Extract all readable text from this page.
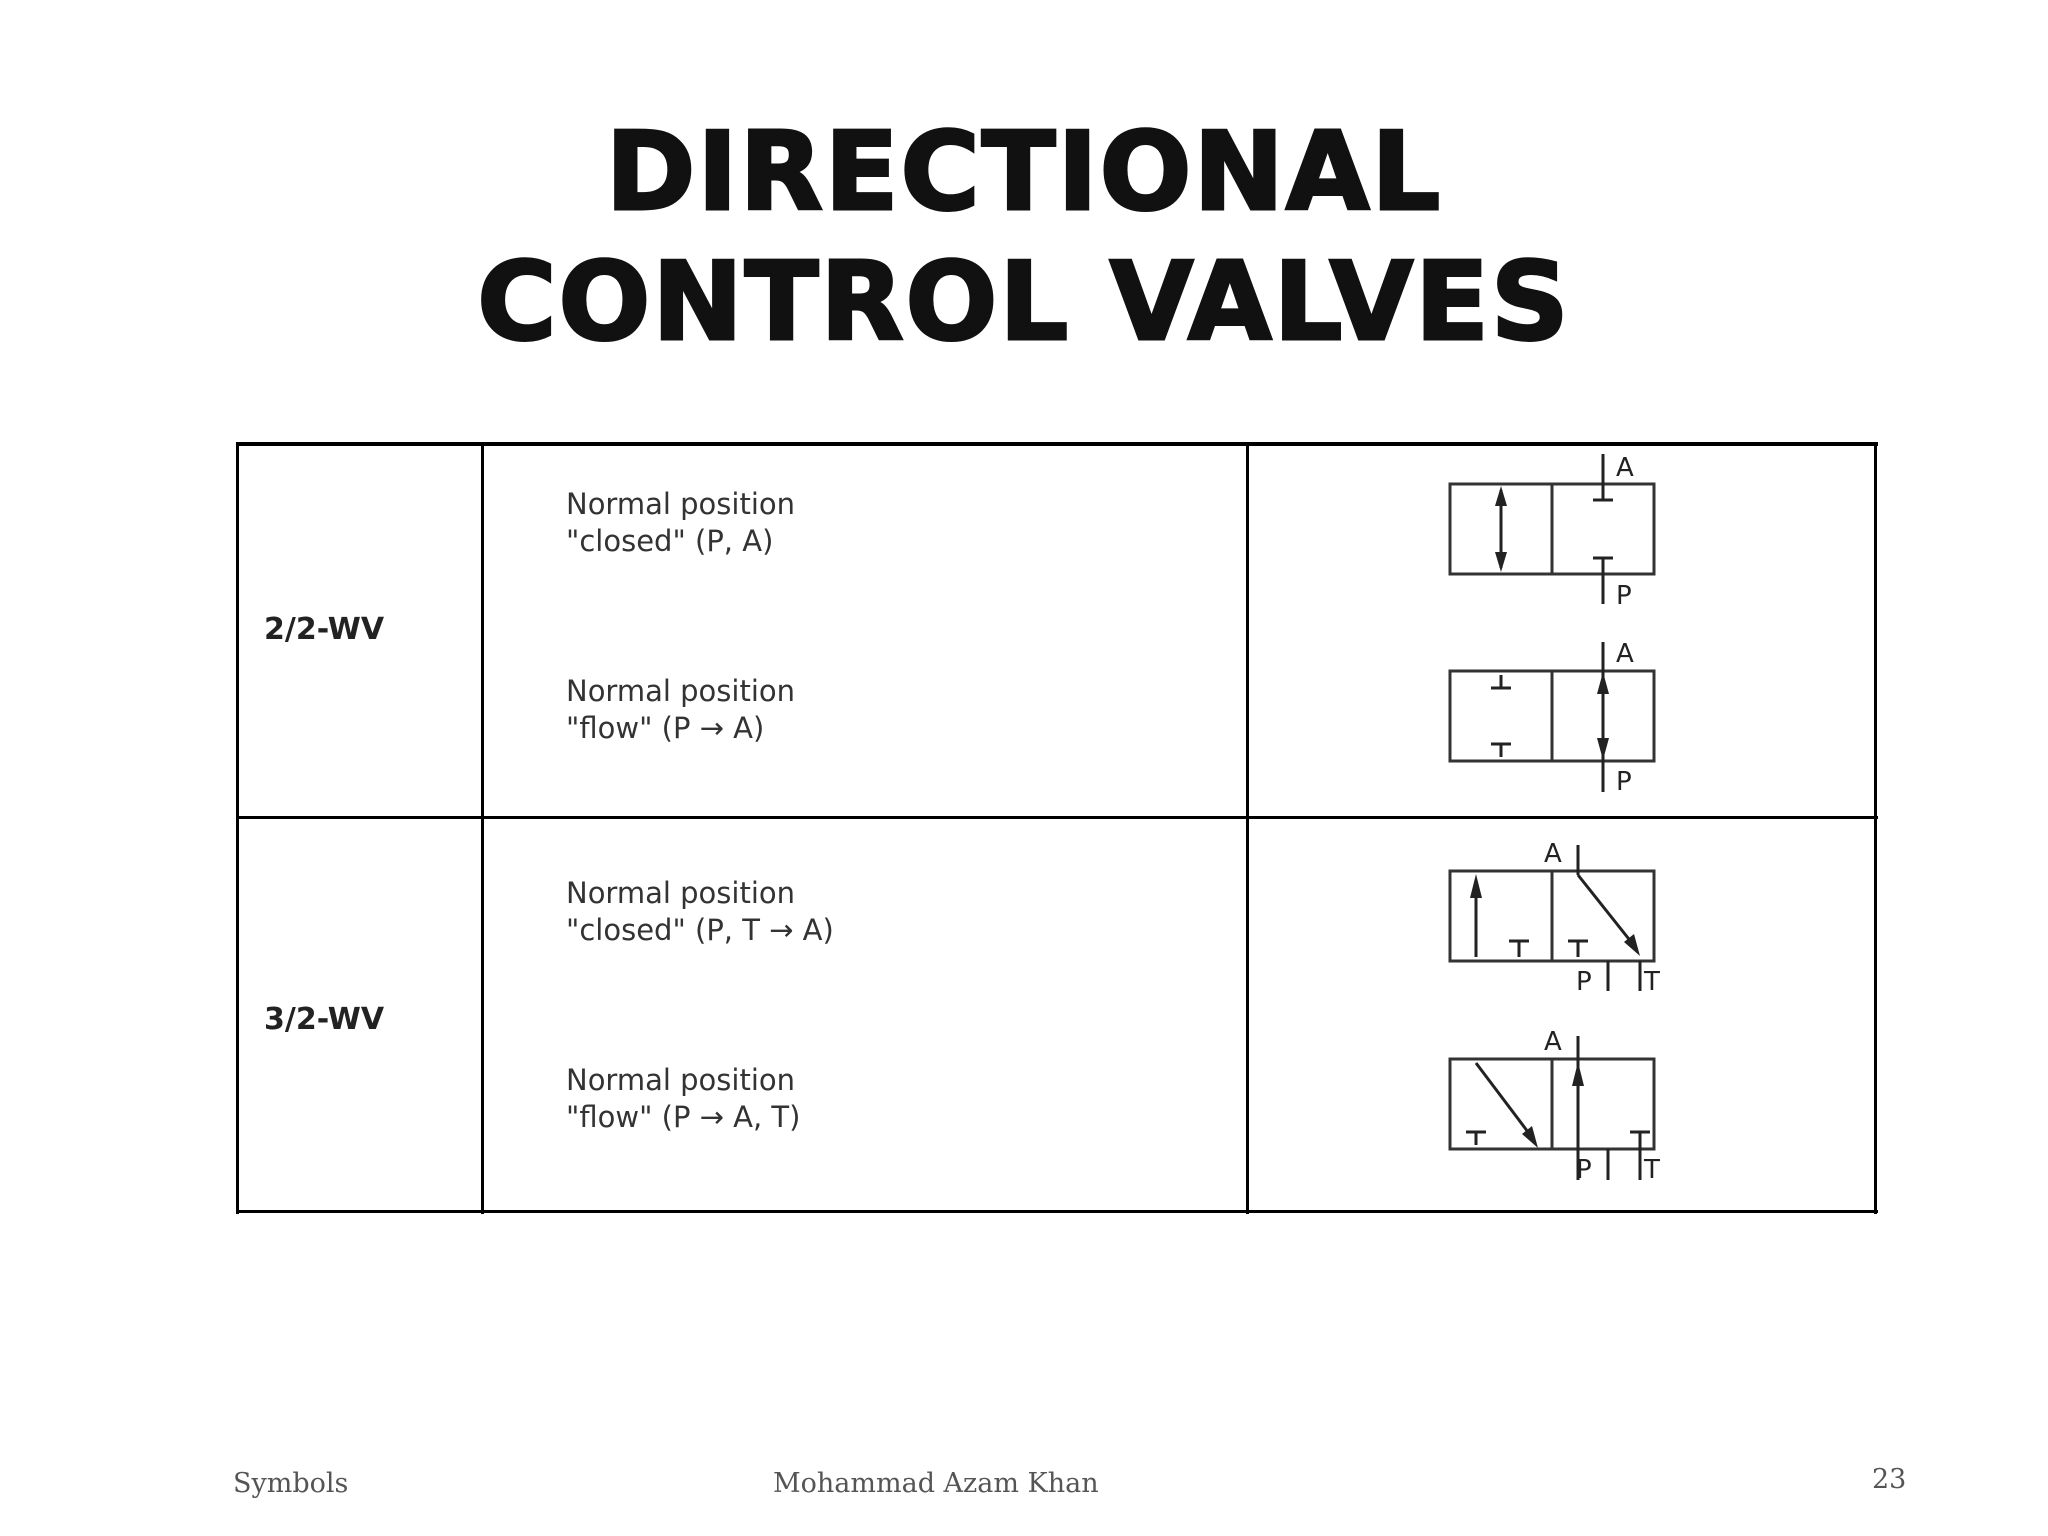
DIRECTIONAL
CONTROL VALVES
2/2-WV
3/2-WV
Normal position
"closed" (P, A)
Normal position
"flow" (P → A)
Normal position
"closed" (P, T → A)
Normal position
"flow" (P → A, T)
A
P
A
P
A
P T
A
P T
Symbols	Mohammad Azam Khan	23
